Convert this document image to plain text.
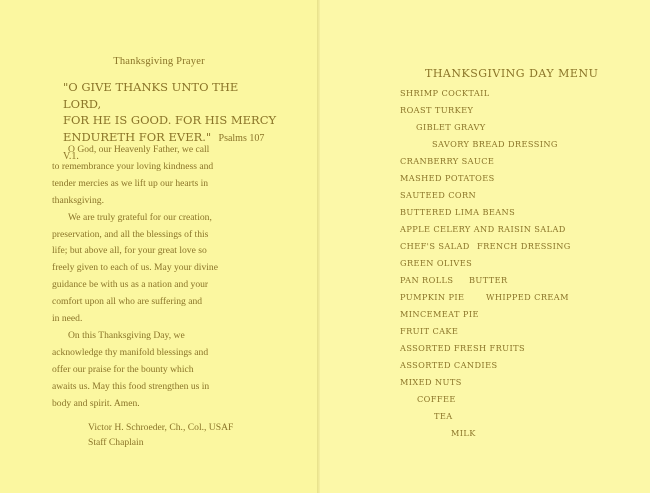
Thanksgiving Prayer
"O GIVE THANKS UNTO THE LORD,
FOR HE IS GOOD. FOR HIS MERCY
ENDURETH FOR EVER." Psalms 107 V.1.

O God, our Heavenly Father, we call

to remembrance your loving kindness and

tender mercies as we lift up our hearts in

thanksgiving.

We are truly grateful for our creation,

preservation, and all the blessings of this

life; but above all, for your great love so

freely given to each of us. May your divine

guidance be with us as a nation and your

comfort upon all who are suffering and

in need.

On this Thanksgiving Day, we

acknowledge thy manifold blessings and

offer our praise for the bounty which

awaits us. May this food strengthen us in

body and spirit. Amen.

Victor H. Schroeder, Ch., Col., USAF
Staff Chaplain
THANKSGIVING DAY MENU
SHRIMP COCKTAIL
ROAST TURKEY
GIBLET GRAVY
SAVORY BREAD DRESSING
CRANBERRY SAUCE
MASHED POTATOES
SAUTEED CORN
BUTTERED LIMA BEANS
APPLE CELERY AND RAISIN SALAD
CHEF'S SALAD FRENCH DRESSING
GREEN OLIVES
PAN ROLLS BUTTER
PUMPKIN PIE	WHIPPED CREAM
MINCEMEAT PIE
FRUIT CAKE
ASSORTED FRESH FRUITS
ASSORTED CANDIES
MIXED NUTS
COFFEE
TEA
MILK
